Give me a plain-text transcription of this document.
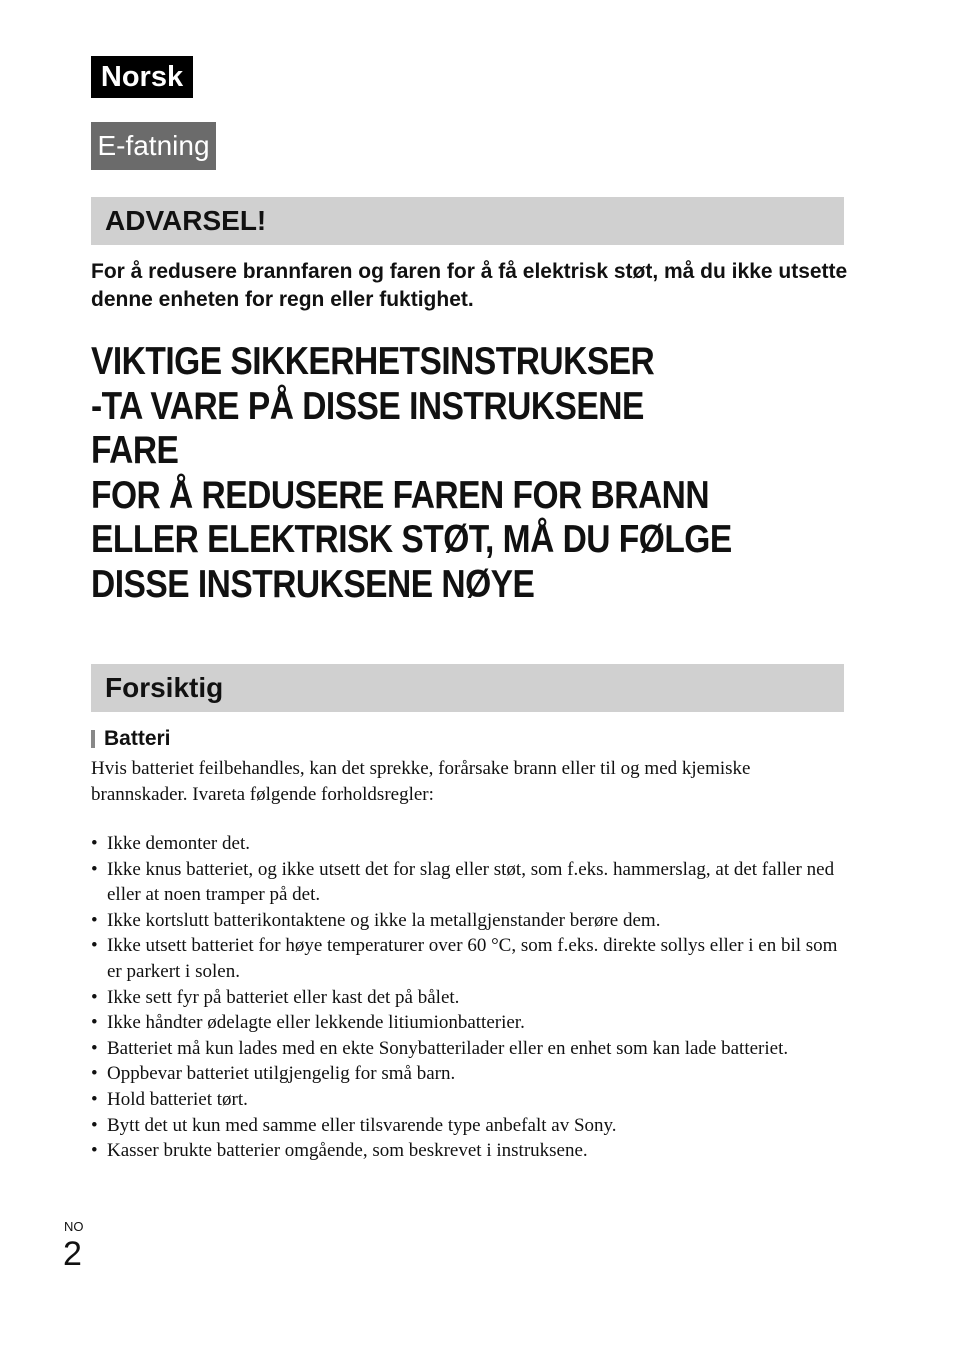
Norsk
E-fatning
ADVARSEL!

For å redusere brannfaren og faren for å få elektrisk støt, må du ikke utsette denne enheten for regn eller fuktighet.

VIKTIGE SIKKERHETSINSTRUKSER
-TA VARE PÅ DISSE INSTRUKSENE
FARE
FOR Å REDUSERE FAREN FOR BRANN
ELLER ELEKTRISK STØT, MÅ DU FØLGE
DISSE INSTRUKSENE NØYE
Forsiktig
Batteri

Hvis batteriet feilbehandles, kan det sprekke, forårsake brann eller til og med kjemiske brannskader. Ivareta følgende forholdsregler:

• Ikke demonter det.
• Ikke knus batteriet, og ikke utsett det for slag eller støt, som f.eks. hammerslag, at det faller ned eller at noen tramper på det.
• Ikke kortslutt batterikontaktene og ikke la metallgjenstander berøre dem.
• Ikke utsett batteriet for høye temperaturer over 60 °C, som f.eks. direkte sollys eller i en bil som er parkert i solen.
• Ikke sett fyr på batteriet eller kast det på bålet.
• Ikke håndter ødelagte eller lekkende litiumionbatterier.
• Batteriet må kun lades med en ekte Sonybatterilader eller en enhet som kan lade batteriet.
• Oppbevar batteriet utilgjengelig for små barn.
• Hold batteriet tørt.
• Bytt det ut kun med samme eller tilsvarende type anbefalt av Sony.
• Kasser brukte batterier omgående, som beskrevet i instruksene.
NO
2
